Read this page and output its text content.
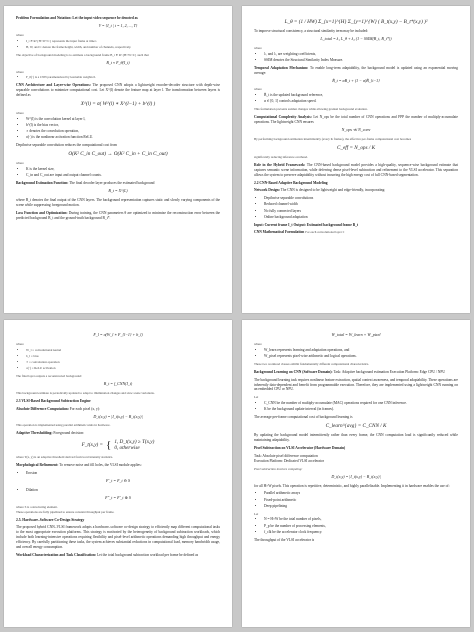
Problem Formulation and Notation: Let the input video sequence be denoted as
V = {I_t | t = 1, 2, ..., T}
where
• I_t ∈ R^{H×W×C} represents the input frame at time t.
• H, W, and C denote the frame height, width, and number of channels, respectively.
The objective of background modeling is to estimate a background frame B_t ∈ R^{H×W×C} such that
B_t ≈ F_θ(I_t)
where
• F_θ(·) is a CNN parameterized by learnable weights θ.
CNN Architecture and Layer-wise Operations: The proposed CNN adopts a lightweight encoder-decoder structure with depth-wise separable convolutions to minimize computational cost. Let X^(l) denote the feature map at layer l. The transformation between layers is defined as
X^(l) = σ( W^(l) ∗ X^(l−1) + b^(l) )
where
• W^(l) is the convolution kernel at layer l,
• b^(l) is the bias vector,
• ∗ denotes the convolution operation,
• σ(·) is the nonlinear activation function ReLU.
Depthwise separable convolution reduces the computational cost from
O(K² C_in C_out) → O(K² C_in + C_in C_out)
where
• K is the kernel size,
• C_in and C_out are input and output channel counts.
Background Estimation Function: The final decoder layer produces the estimated background
B_t = X^(L)
where B_t denotes the final output of the CNN layers. The background representation captures static and slowly varying components of the scene while suppressing foreground motion.
Loss Function and Optimization: During training, the CNN parameters θ are optimized to minimize the reconstruction error between the predicted background B_t and the ground-truth background B_t*.
L_θ = (1 / HW) Σ_{x=1}^{H} Σ_{y=1}^{W} ( B_t(x,y) − B_t*(x,y) )²
To improve structural consistency, a structural similarity term may be included:
L_total = λ₁ L_θ + λ₂ (1 − SSIM(B_t, B_t*))
where
• λ₁ and λ₂ are weighting coefficients,
• SSIM denotes the Structural Similarity Index Measure.
Temporal Adaptation Mechanism: To enable long-term adaptability, the background model is updated using an exponential moving average:
B̃_t = αB_t + (1 − α)B̃_{t−1}
where
• B̃_t is the updated background reference,
• α ∈ [0, 1] controls adaptation speed.
This formulation prevents sudden changes while allowing gradual background evolution.
Computational Complexity Analysis: Let N_ops be the total number of CNN operations and FPP the number of multiply-accumulate operations. The lightweight CNN ensures
N_ops ≪ N_conv
By performing background estimation intermittently (every K frames), the effective per-frame computational cost becomes
C_eff = N_ops / K
significantly reducing inference overhead.
Role in the Hybrid Framework: The CNN-based background model provides a high-quality, sequence-wise background estimate that captures semantic scene information, while deferring dense pixel-level subtraction and refinement to the VLSI accelerator. This separation allows the system to preserve adaptability without incurring the high energy cost of full CNN-based segmentation.
2.2 CNN-Based Adaptive Background Modeling
Network Design: The CNN is designed to be lightweight and edge-friendly, incorporating:
• Depthwise separable convolutions
• Reduced channel width
• No fully connected layers
• Online background adaptation
Input: Current frame I_t Output: Estimated background frame B_t
CNN Mathematical Formulation For each convolutional layer l:
F_l = σ(W_l ∗ F_{l−1} + b_l)
where
• W_l = convolutional kernel
• b_l = bias
• ∗ = convolution operation
• σ(·) = ReLU activation
The final layer outputs a reconstructed background:
B_t = f_CNN(I_t)
This background estimate is periodically updated to adapt to illumination changes and slow scene variations.
2.3 VLSI-Based Background Subtraction Engine
Absolute Difference Computation: For each pixel (x, y):
D_t(x,y) = |I_t(x,y) − B_t(x,y)|
This operation is implemented using parallel arithmetic units in hardware.
Adaptive Thresholding: Foreground decision:
F_t(x,y) = { 1, D_t(x,y) ≥ T(x,y)
0, otherwise
where T(x, y) is an adaptive threshold derived from local intensity statistics.
Morphological Refinement: To remove noise and fill holes, the VLSI module applies:
• Erosion
F'_t = F_t ⊖ S
• Dilation
F''_t = F'_t ⊕ S
where S is a structuring element.
These operations are fully pipelined to ensure constant throughput per frame.
2.5. Hardware–Software Co-Design Strategy
The proposed hybrid CNN–VLSI framework adopts a hardware–software co-design strategy to efficiently map different computational tasks to the most appropriate execution platforms. This strategy is motivated by the heterogeneity of background subtraction workloads, which include both learning-intensive operations requiring flexibility and pixel-level arithmetic operations demanding high throughput and energy efficiency. By carefully partitioning these tasks, the system achieves substantial reductions in computational load, memory bandwidth usage, and overall energy consumption.
Workload Characterization and Task Classification: Let the total background subtraction workload per frame be defined as
W_total = W_learn + W_pixel
where
• W_learn represents learning and adaptation operations, and
• W_pixel represents pixel-wise arithmetic and logical operations.
These two workload classes exhibit fundamentally different computational characteristics.
Background Learning on CNN (Software Domain): Task: Adaptive background estimation Execution Platform: Edge CPU / NPU
The background learning task requires nonlinear feature extraction, spatial context awareness, and temporal adaptability. These operations are inherently data-dependent and benefit from programmable execution. Therefore, they are implemented using a lightweight CNN running on an embedded CPU or NPU.
Let
• C_CNN be the number of multiply-accumulate (MAC) operations required for one CNN inference.
• K be the background update interval (in frames).
The average per-frame computational cost of background learning is
C_learn^{avg} = C_CNN / K
By updating the background model intermittently rather than every frame, the CNN computation load is significantly reduced while maintaining adaptability.
Pixel Subtraction on VLSI Accelerator (Hardware Domain)
Task: Absolute pixel difference computation
Execution Platform: Dedicated VLSI accelerator
Pixel subtraction involves computing:
D_t(x,y) = |I_t(x,y) − B_t(x,y)|
for all H×W pixels. This operation is repetitive, deterministic, and highly parallelizable. Implementing it in hardware enables the use of:
• Parallel arithmetic arrays
• Fixed-point arithmetic
• Deep pipelining
Let
• N = H×W be the total number of pixels,
• P_p be the number of processing elements,
• f_clk be the accelerator clock frequency.
The throughput of the VLSI accelerator is
